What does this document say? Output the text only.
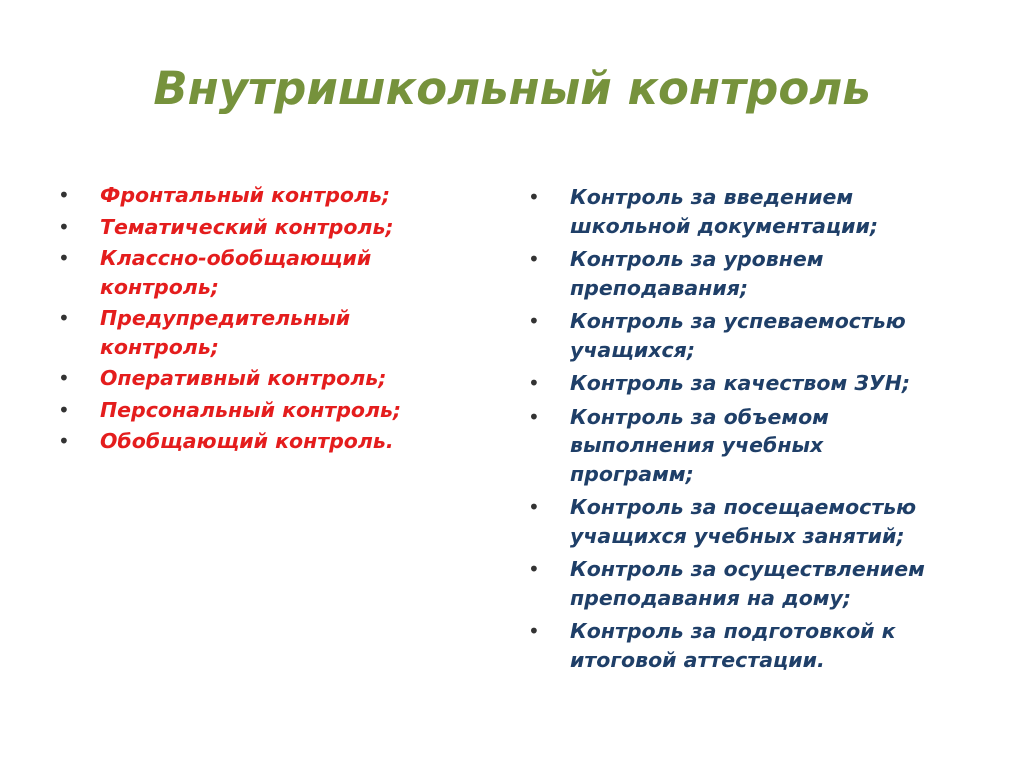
Внутришкольный контроль
• Фронтальный контроль;
• Тематический контроль;
• Классно-обобщающий
контроль;
• Предупредительный
контроль;
• Оперативный контроль;
• Персональный контроль;
• Обобщающий контроль.
• Контроль за введением
школьной документации;
• Контроль за уровнем
преподавания;
• Контроль за успеваемостью
учащихся;
• Контроль за качеством ЗУН;
• Контроль за объемом
выполнения учебных
программ;
• Контроль за посещаемостью
учащихся учебных занятий;
• Контроль за осуществлением
преподавания на дому;
• Контроль за подготовкой к
итоговой аттестации.
